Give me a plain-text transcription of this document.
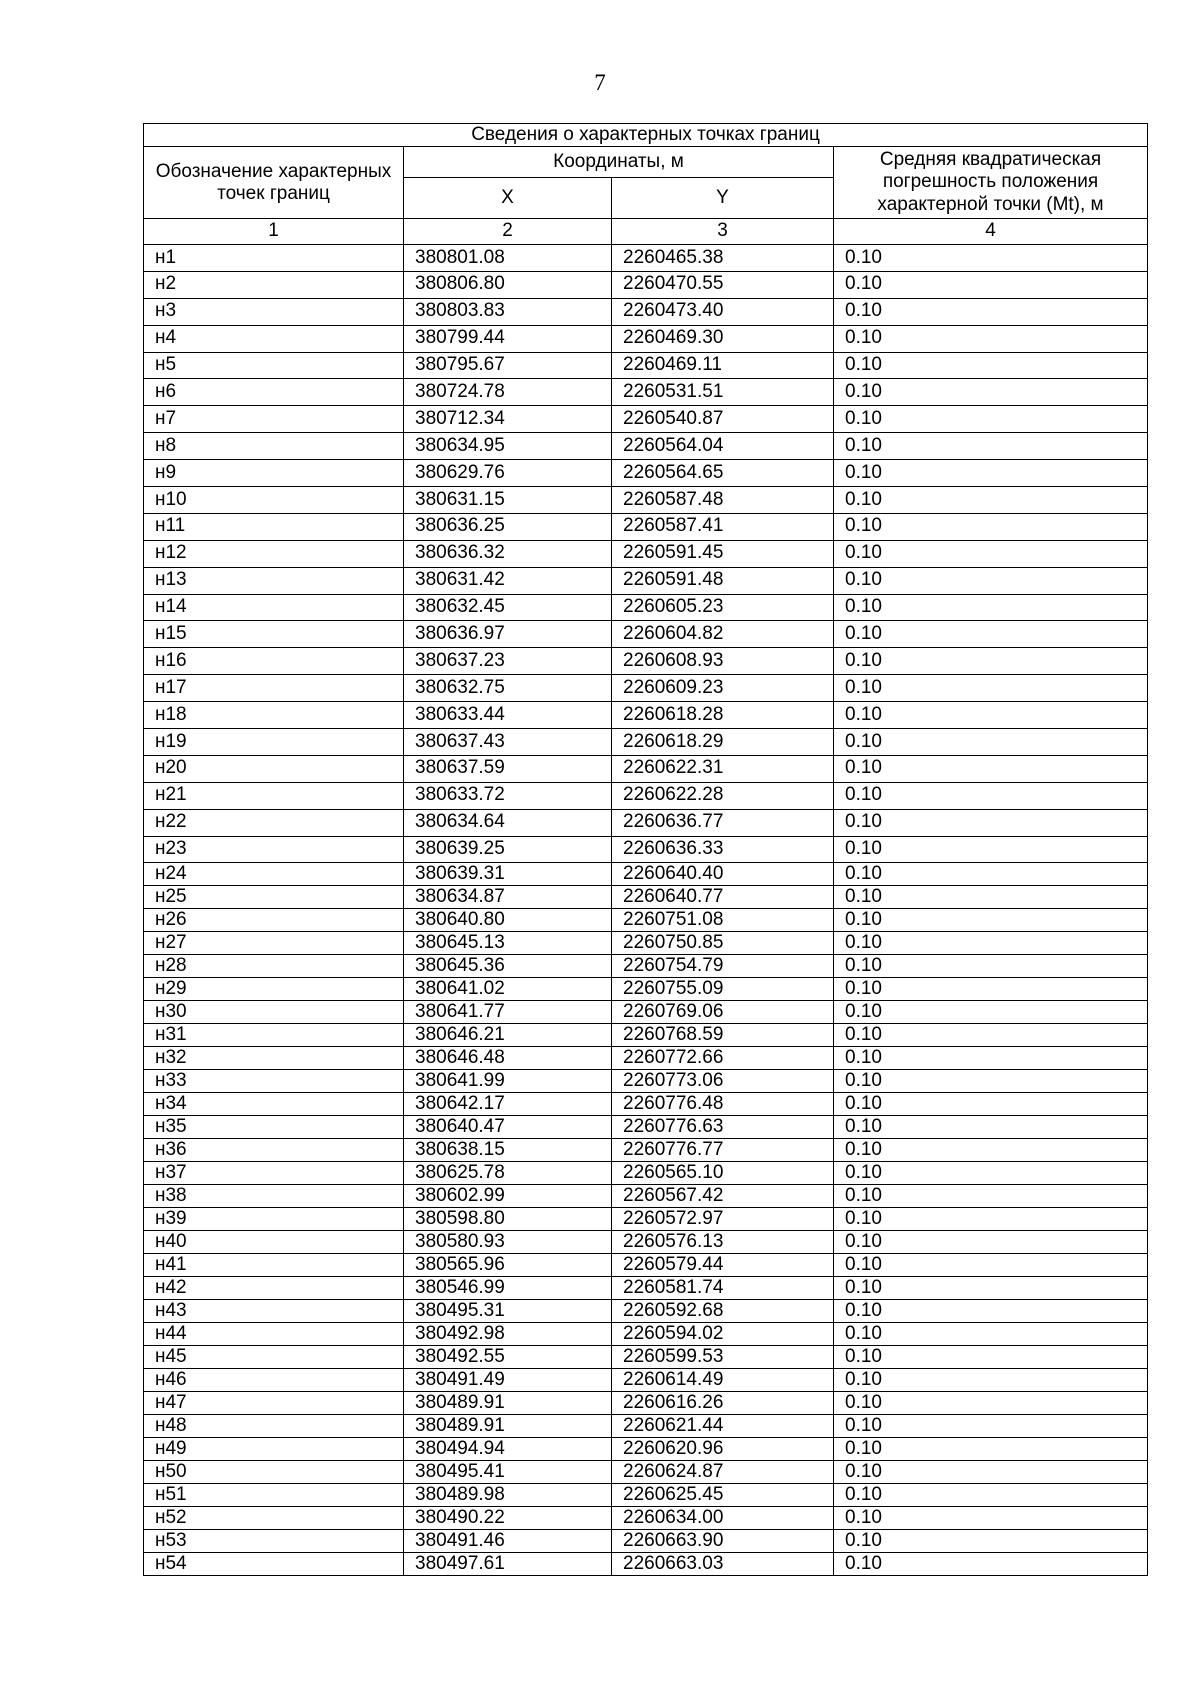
7
Сведения о характерных точках границ			
Обозначение характерных точек границ	Координаты, м		Средняя квадратическая погрешность положения характерной точки (Mt), м
	X	Y	
1	2	3	4
н1	380801.08	2260465.38	0.10
н2	380806.80	2260470.55	0.10
н3	380803.83	2260473.40	0.10
н4	380799.44	2260469.30	0.10
н5	380795.67	2260469.11	0.10
н6	380724.78	2260531.51	0.10
н7	380712.34	2260540.87	0.10
н8	380634.95	2260564.04	0.10
н9	380629.76	2260564.65	0.10
н10	380631.15	2260587.48	0.10
н11	380636.25	2260587.41	0.10
н12	380636.32	2260591.45	0.10
н13	380631.42	2260591.48	0.10
н14	380632.45	2260605.23	0.10
н15	380636.97	2260604.82	0.10
н16	380637.23	2260608.93	0.10
н17	380632.75	2260609.23	0.10
н18	380633.44	2260618.28	0.10
н19	380637.43	2260618.29	0.10
н20	380637.59	2260622.31	0.10
н21	380633.72	2260622.28	0.10
н22	380634.64	2260636.77	0.10
н23	380639.25	2260636.33	0.10
н24	380639.31	2260640.40	0.10
н25	380634.87	2260640.77	0.10
н26	380640.80	2260751.08	0.10
н27	380645.13	2260750.85	0.10
н28	380645.36	2260754.79	0.10
н29	380641.02	2260755.09	0.10
н30	380641.77	2260769.06	0.10
н31	380646.21	2260768.59	0.10
н32	380646.48	2260772.66	0.10
н33	380641.99	2260773.06	0.10
н34	380642.17	2260776.48	0.10
н35	380640.47	2260776.63	0.10
н36	380638.15	2260776.77	0.10
н37	380625.78	2260565.10	0.10
н38	380602.99	2260567.42	0.10
н39	380598.80	2260572.97	0.10
н40	380580.93	2260576.13	0.10
н41	380565.96	2260579.44	0.10
н42	380546.99	2260581.74	0.10
н43	380495.31	2260592.68	0.10
н44	380492.98	2260594.02	0.10
н45	380492.55	2260599.53	0.10
н46	380491.49	2260614.49	0.10
н47	380489.91	2260616.26	0.10
н48	380489.91	2260621.44	0.10
н49	380494.94	2260620.96	0.10
н50	380495.41	2260624.87	0.10
н51	380489.98	2260625.45	0.10
н52	380490.22	2260634.00	0.10
н53	380491.46	2260663.90	0.10
н54	380497.61	2260663.03	0.10
